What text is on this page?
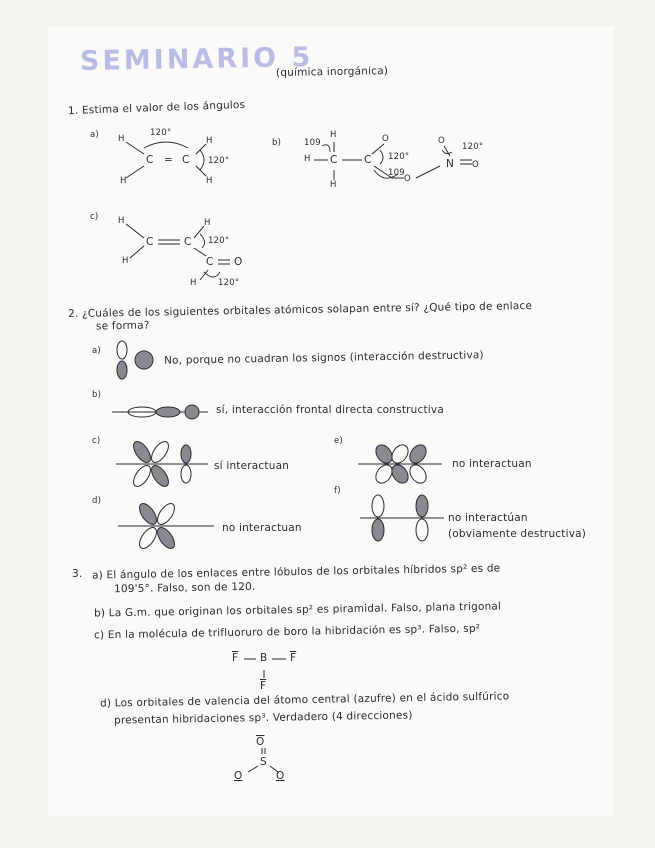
SEMINARIO 5
(química inorgánica)
1. Estima el valor de los ángulos
a) H	H
H	H
C = C
120°
120°
b)
H
H
H
C	C
O
O
O
N O
109
120°
109
120°
c) H	H
H
C	C
C O
H
120°
120°
2. ¿Cuáles de los siguientes orbitales atómicos solapan entre sí? ¿Qué tipo de enlace
se forma?
a)	No, porque no cuadran los signos (interacción destructiva)
b)
sí, interacción frontal directa constructiva
c)
sí interactuan
d)
no interactuan
e)
no interactuan
f)
no interactúan
(obviamente destructiva)
3. a) El ángulo de los enlaces entre lóbulos de los orbitales híbridos sp² es de
109'5°. Falso, son de 120.
b) La G.m. que originan los orbitales sp² es piramidal. Falso, plana trigonal
c) En la molécula de trifluoruro de boro la hibridación es sp³. Falso, sp²
$\overline{F}$ B $\overline{F}$
$\overline{F}$
d) Los orbitales de valencia del átomo central (azufre) en el ácido sulfúrico
presentan hibridaciones sp³. Verdadero (4 direcciones)
$\overline{O}$
S
O	O
